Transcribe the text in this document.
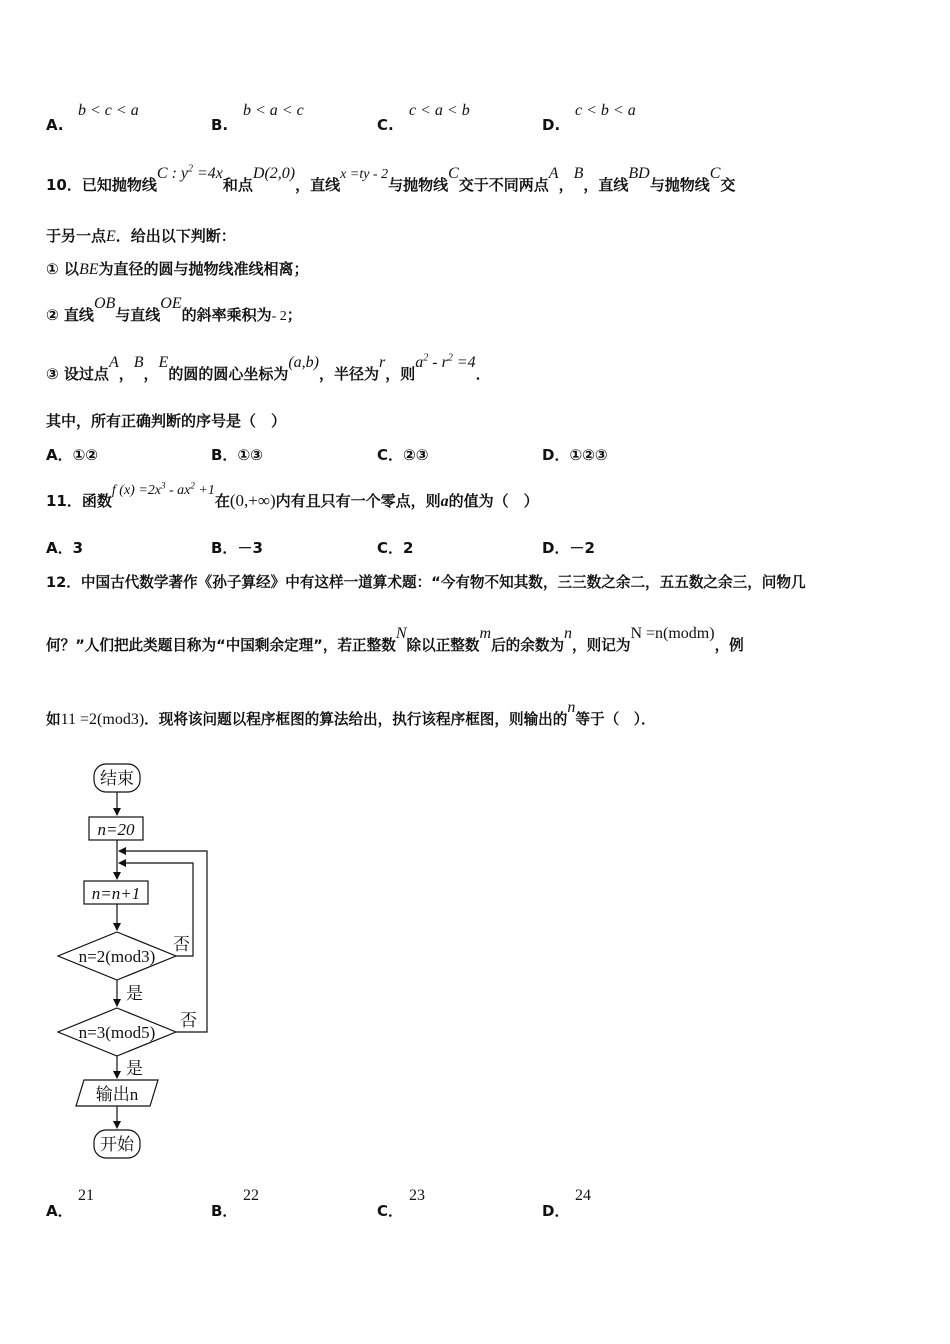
A.
b < c < a
B.
b < a < c
C.
c < a < b
D.
c < b < a
10．已知抛物线C : $y^2 =4x$和点D(2,0)，直线x =ty - 2与抛物线C交于不同两点A，B，直线BD与抛物线C交
于另一点E．给出以下判断：
① 以BE为直径的圆与抛物线准线相离；
② 直线OB与直线OE的斜率乘积为- 2；
③ 设过点A，B，E的圆的圆心坐标为(a,b)，半径为r，则$a^2 - r^2 =4$．
其中，所有正确判断的序号是（　）
A．①②	B．①③	C．②③	D．①②③
11．函数f $(x) =2x^3 - ax^2 +1$在(0,+∞)内有且只有一个零点，则a的值为（　）
A．3	B．－3	C．2	D．－2
12．中国古代数学著作《孙子算经》中有这样一道算术题：“今有物不知其数，三三数之余二，五五数之余三，问物几
何？”人们把此类题目称为“中国剩余定理”，若正整数N除以正整数m后的余数为n，则记为N =n(modm)，例
如11 =2(mod3)．现将该问题以程序框图的算法给出，执行该程序框图，则输出的n等于（　）．
结束
n=20
n=n+1
n=2(mod3)
n=3(mod5)
输出n
开始
否
是
否
是
A．
21
B．
22
C．
23
D．
24
